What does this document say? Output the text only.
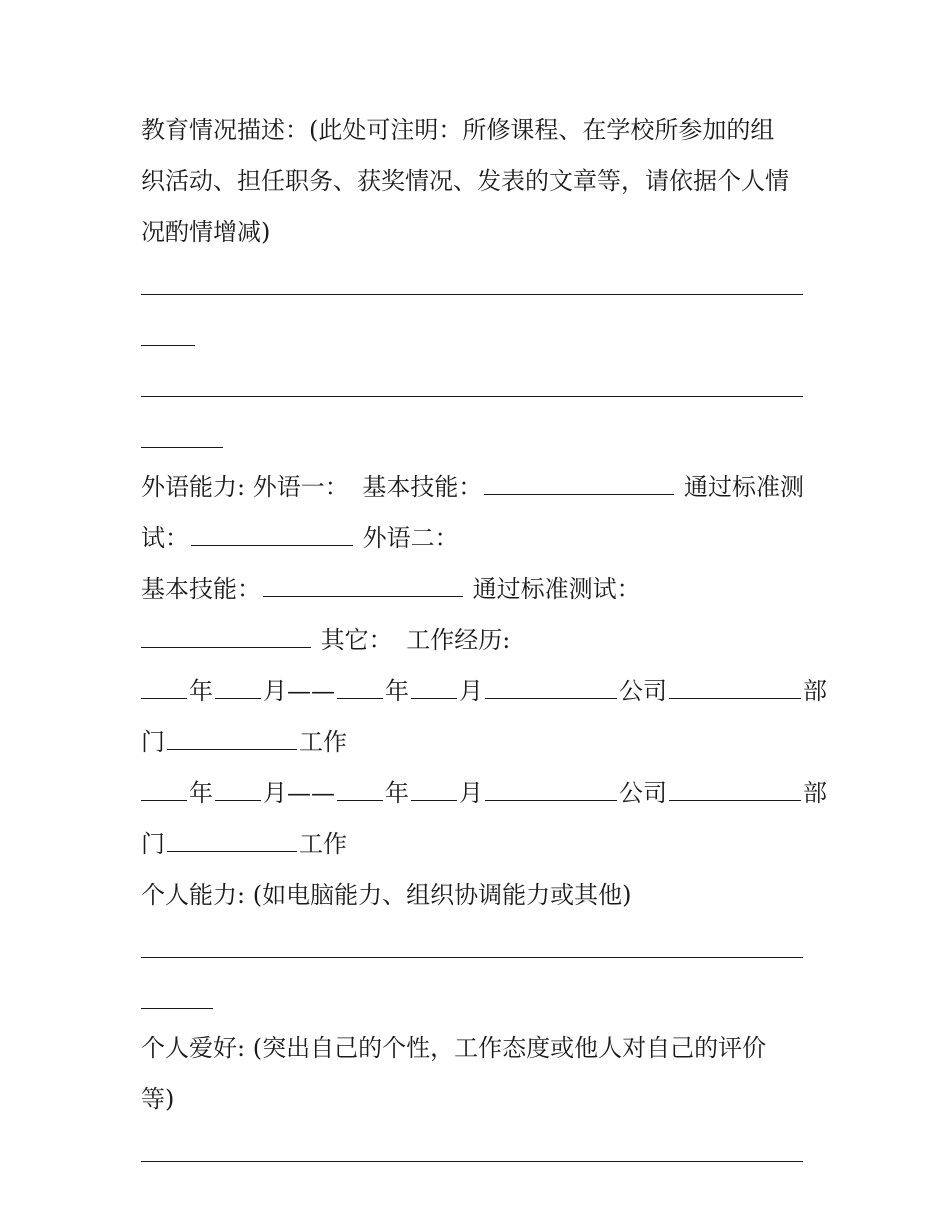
教育情况描述：(此处可注明：所修课程、在学校所参加的组
织活动、担任职务、获奖情况、发表的文章等，请依据个人情
况酌情增减)
外语能力: 外语一： 基本技能：	通过标准测
试：	外语二：
基本技能：	通过标准测试：
其它： 工作经历:
年 月—— 年 月	公司	部
门	工作
年 月—— 年 月	公司	部
门	工作
个人能力: (如电脑能力、组织协调能力或其他)
个人爱好: (突出自己的个性，工作态度或他人对自己的评价
等)
